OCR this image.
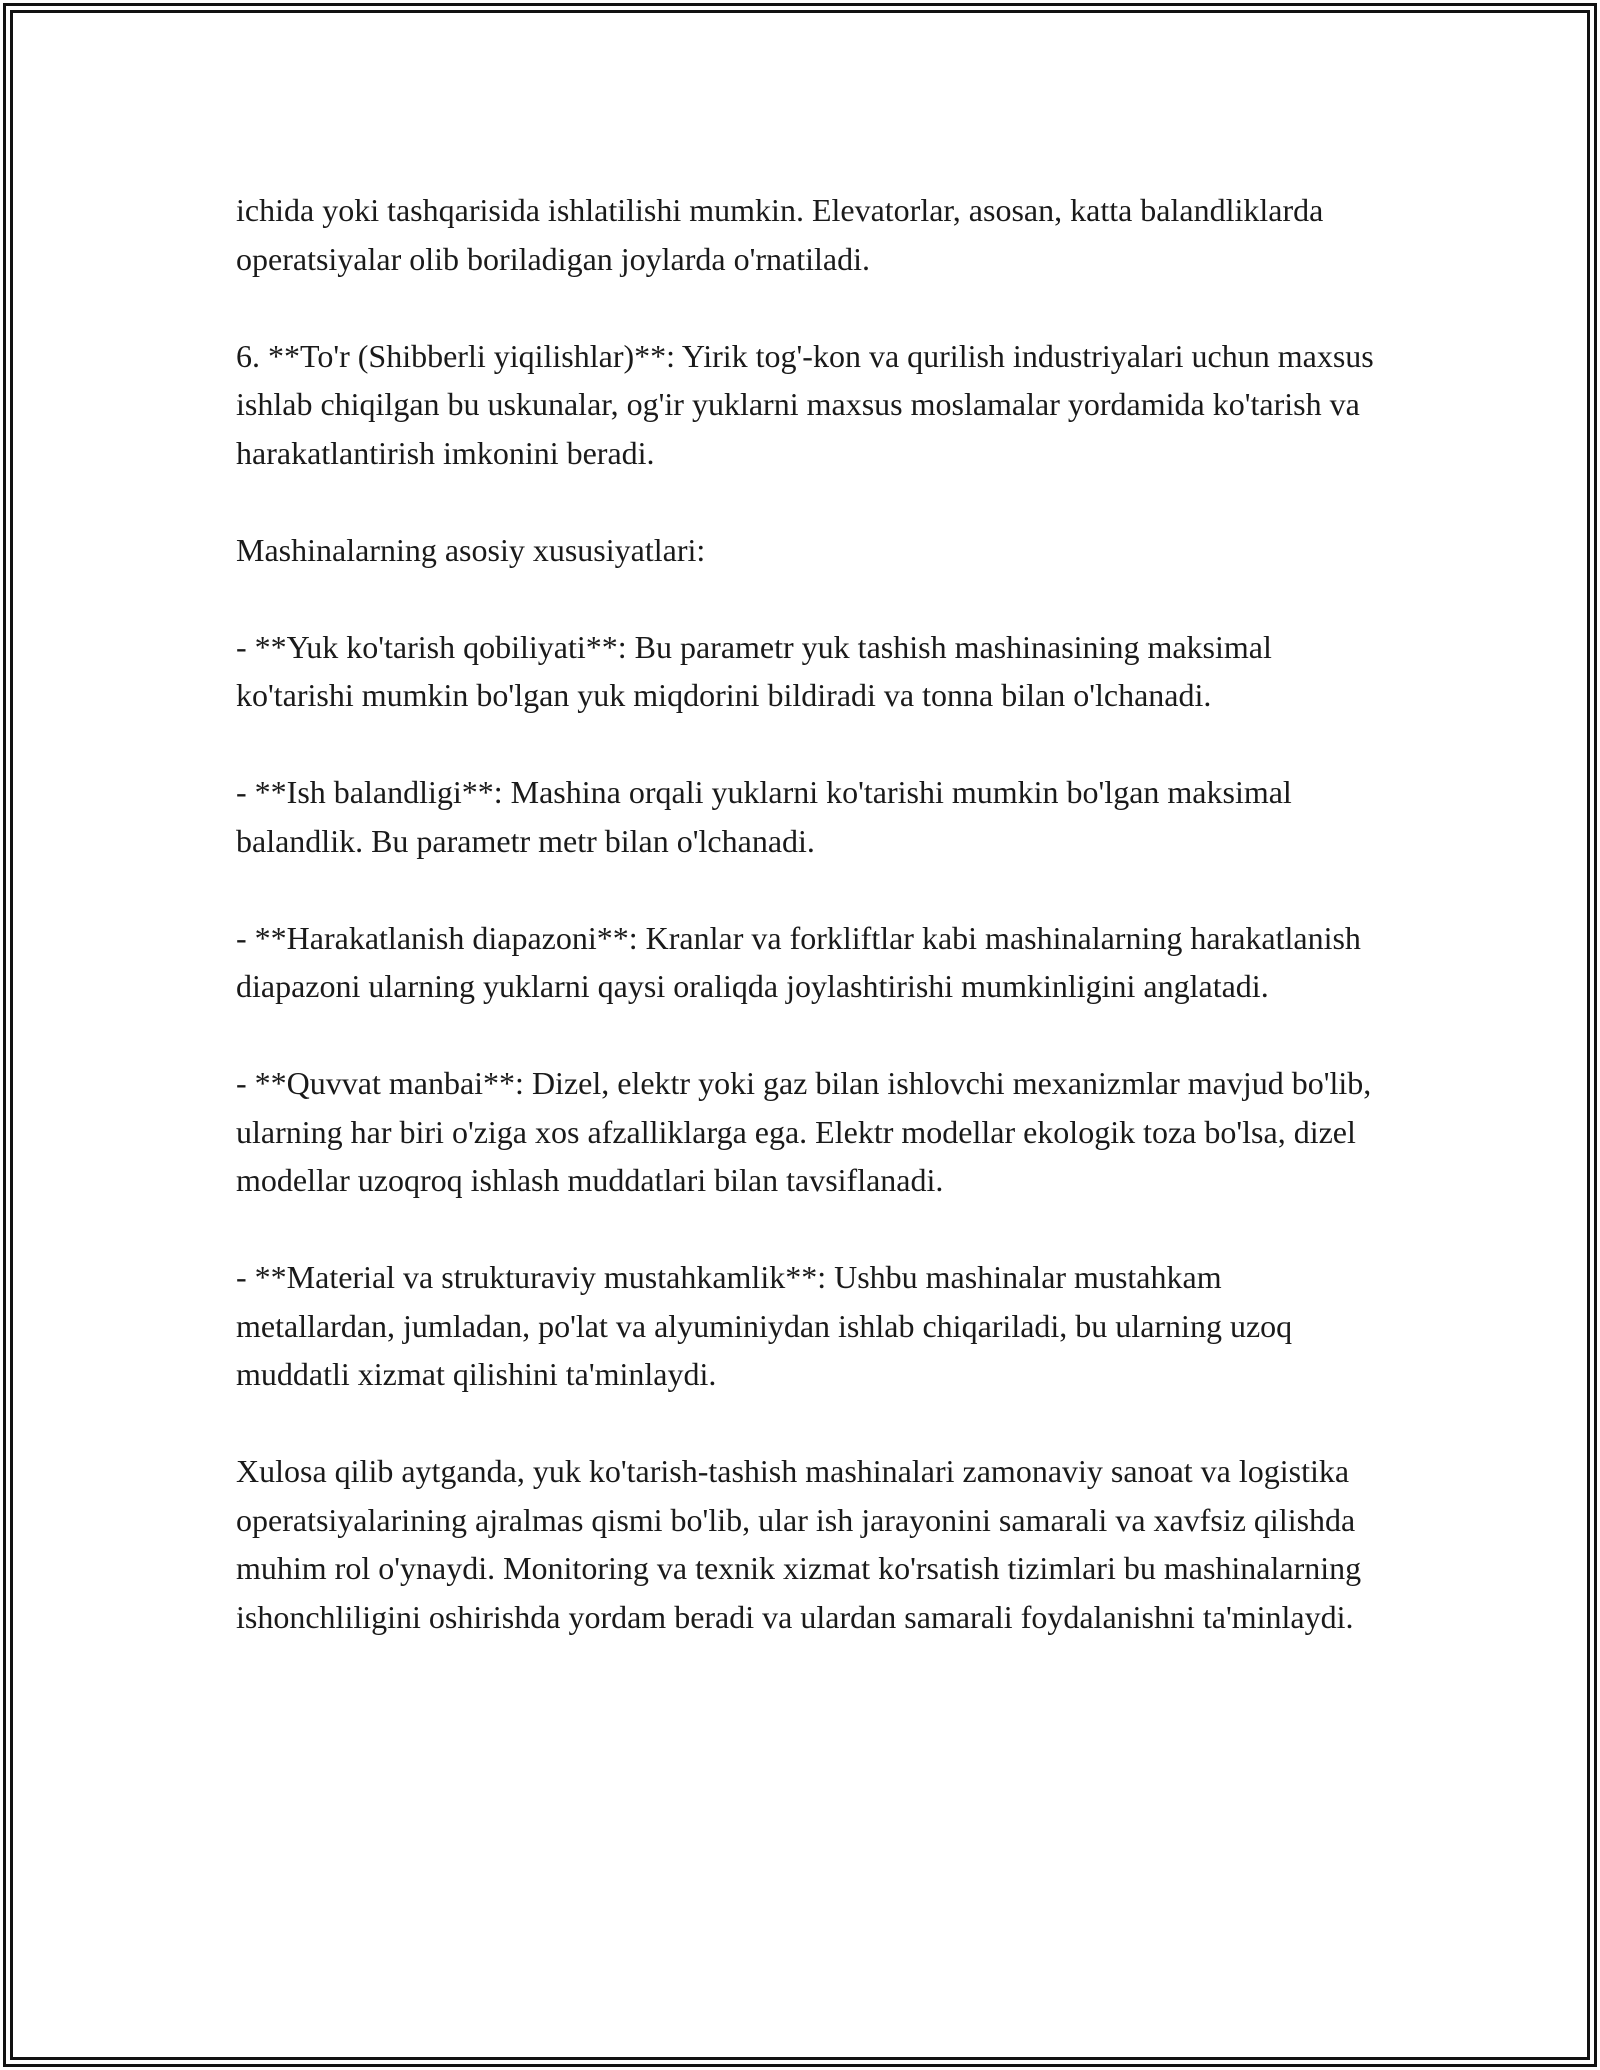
ichida yoki tashqarisida ishlatilishi mumkin. Elevatorlar, asosan, katta balandliklarda operatsiyalar olib boriladigan joylarda o'rnatiladi.

6. **To'r (Shibberli yiqilishlar)**: Yirik tog'-kon va qurilish industriyalari uchun maxsus ishlab chiqilgan bu uskunalar, og'ir yuklarni maxsus moslamalar yordamida ko'tarish va harakatlantirish imkonini beradi.

Mashinalarning asosiy xususiyatlari:

- **Yuk ko'tarish qobiliyati**: Bu parametr yuk tashish mashinasining maksimal ko'tarishi mumkin bo'lgan yuk miqdorini bildiradi va tonna bilan o'lchanadi.

- **Ish balandligi**: Mashina orqali yuklarni ko'tarishi mumkin bo'lgan maksimal balandlik. Bu parametr metr bilan o'lchanadi.

- **Harakatlanish diapazoni**: Kranlar va forkliftlar kabi mashinalarning harakatlanish diapazoni ularning yuklarni qaysi oraliqda joylashtirishi mumkinligini anglatadi.

- **Quvvat manbai**: Dizel, elektr yoki gaz bilan ishlovchi mexanizmlar mavjud bo'lib, ularning har biri o'ziga xos afzalliklarga ega. Elektr modellar ekologik toza bo'lsa, dizel modellar uzoqroq ishlash muddatlari bilan tavsiflanadi.

- **Material va strukturaviy mustahkamlik**: Ushbu mashinalar mustahkam metallardan, jumladan, po'lat va alyuminiydan ishlab chiqariladi, bu ularning uzoq muddatli xizmat qilishini ta'minlaydi.

Xulosa qilib aytganda, yuk ko'tarish-tashish mashinalari zamonaviy sanoat va logistika operatsiyalarining ajralmas qismi bo'lib, ular ish jarayonini samarali va xavfsiz qilishda muhim rol o'ynaydi. Monitoring va texnik xizmat ko'rsatish tizimlari bu mashinalarning ishonchliligini oshirishda yordam beradi va ulardan samarali foydalanishni ta'minlaydi.
